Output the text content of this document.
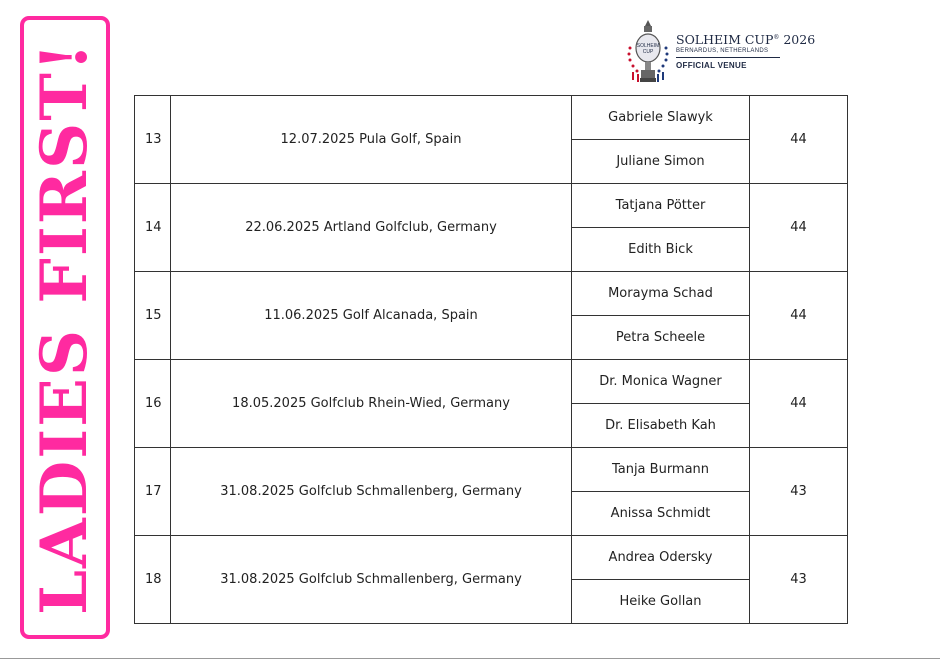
LADIES FIRST!	SOLHEIM
CUP
SOLHEIM CUP® 2026
BERNARDUS, NETHERLANDS
OFFICIAL VENUE
13	12.07.2025 Pula Golf, Spain	Gabriele Slawyk	44
		Juliane Simon	
14	22.06.2025 Artland Golfclub, Germany	Tatjana Pötter	44
		Edith Bick	
15	11.06.2025 Golf Alcanada, Spain	Morayma Schad	44
		Petra Scheele	
16	18.05.2025 Golfclub Rhein-Wied, Germany	Dr. Monica Wagner	44
		Dr. Elisabeth Kah	
17	31.08.2025 Golfclub Schmallenberg, Germany	Tanja Burmann	43
		Anissa Schmidt	
18	31.08.2025 Golfclub Schmallenberg, Germany	Andrea Odersky	43
		Heike Gollan	
